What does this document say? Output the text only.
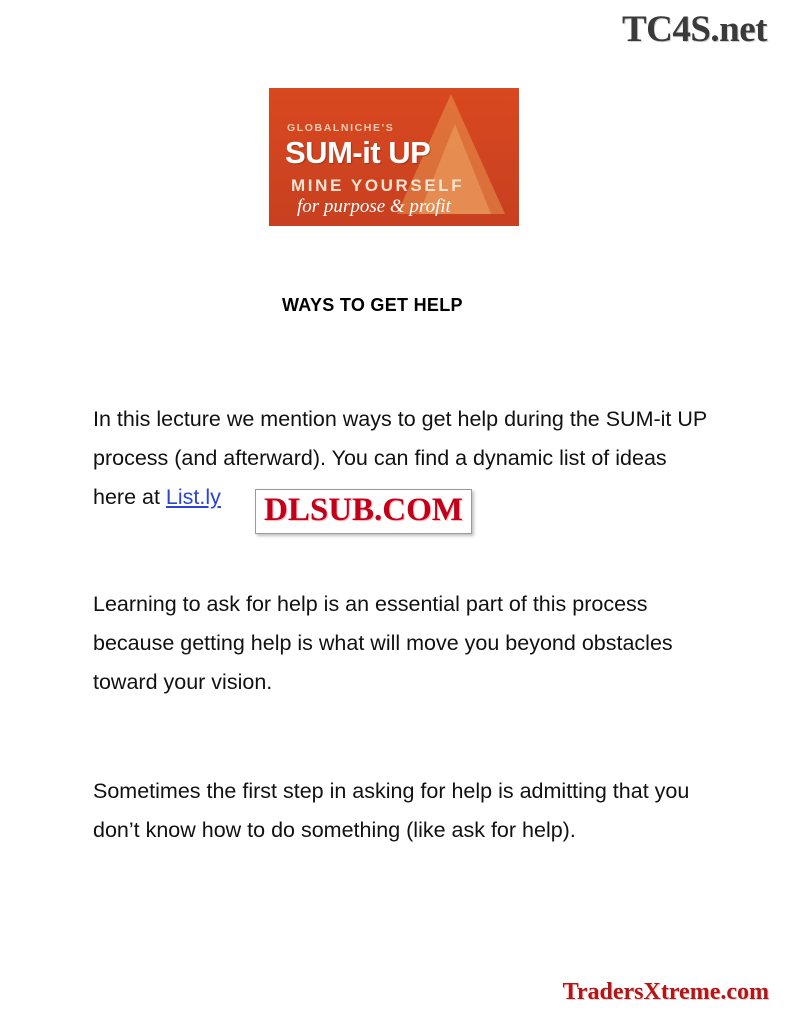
TC4S.net
GLOBALNICHE'S
SUM-it UP
MINE YOURSELF
for purpose & profit
WAYS TO GET HELP
In this lecture we mention ways to get help during the SUM-it UP process (and afterward). You can find a dynamic list of ideas here at List.ly
Learning to ask for help is an essential part of this process because getting help is what will move you beyond obstacles toward your vision.
Sometimes the first step in asking for help is admitting that you don’t know how to do something (like ask for help).
DLSUB.COM
TradersXtreme.com
